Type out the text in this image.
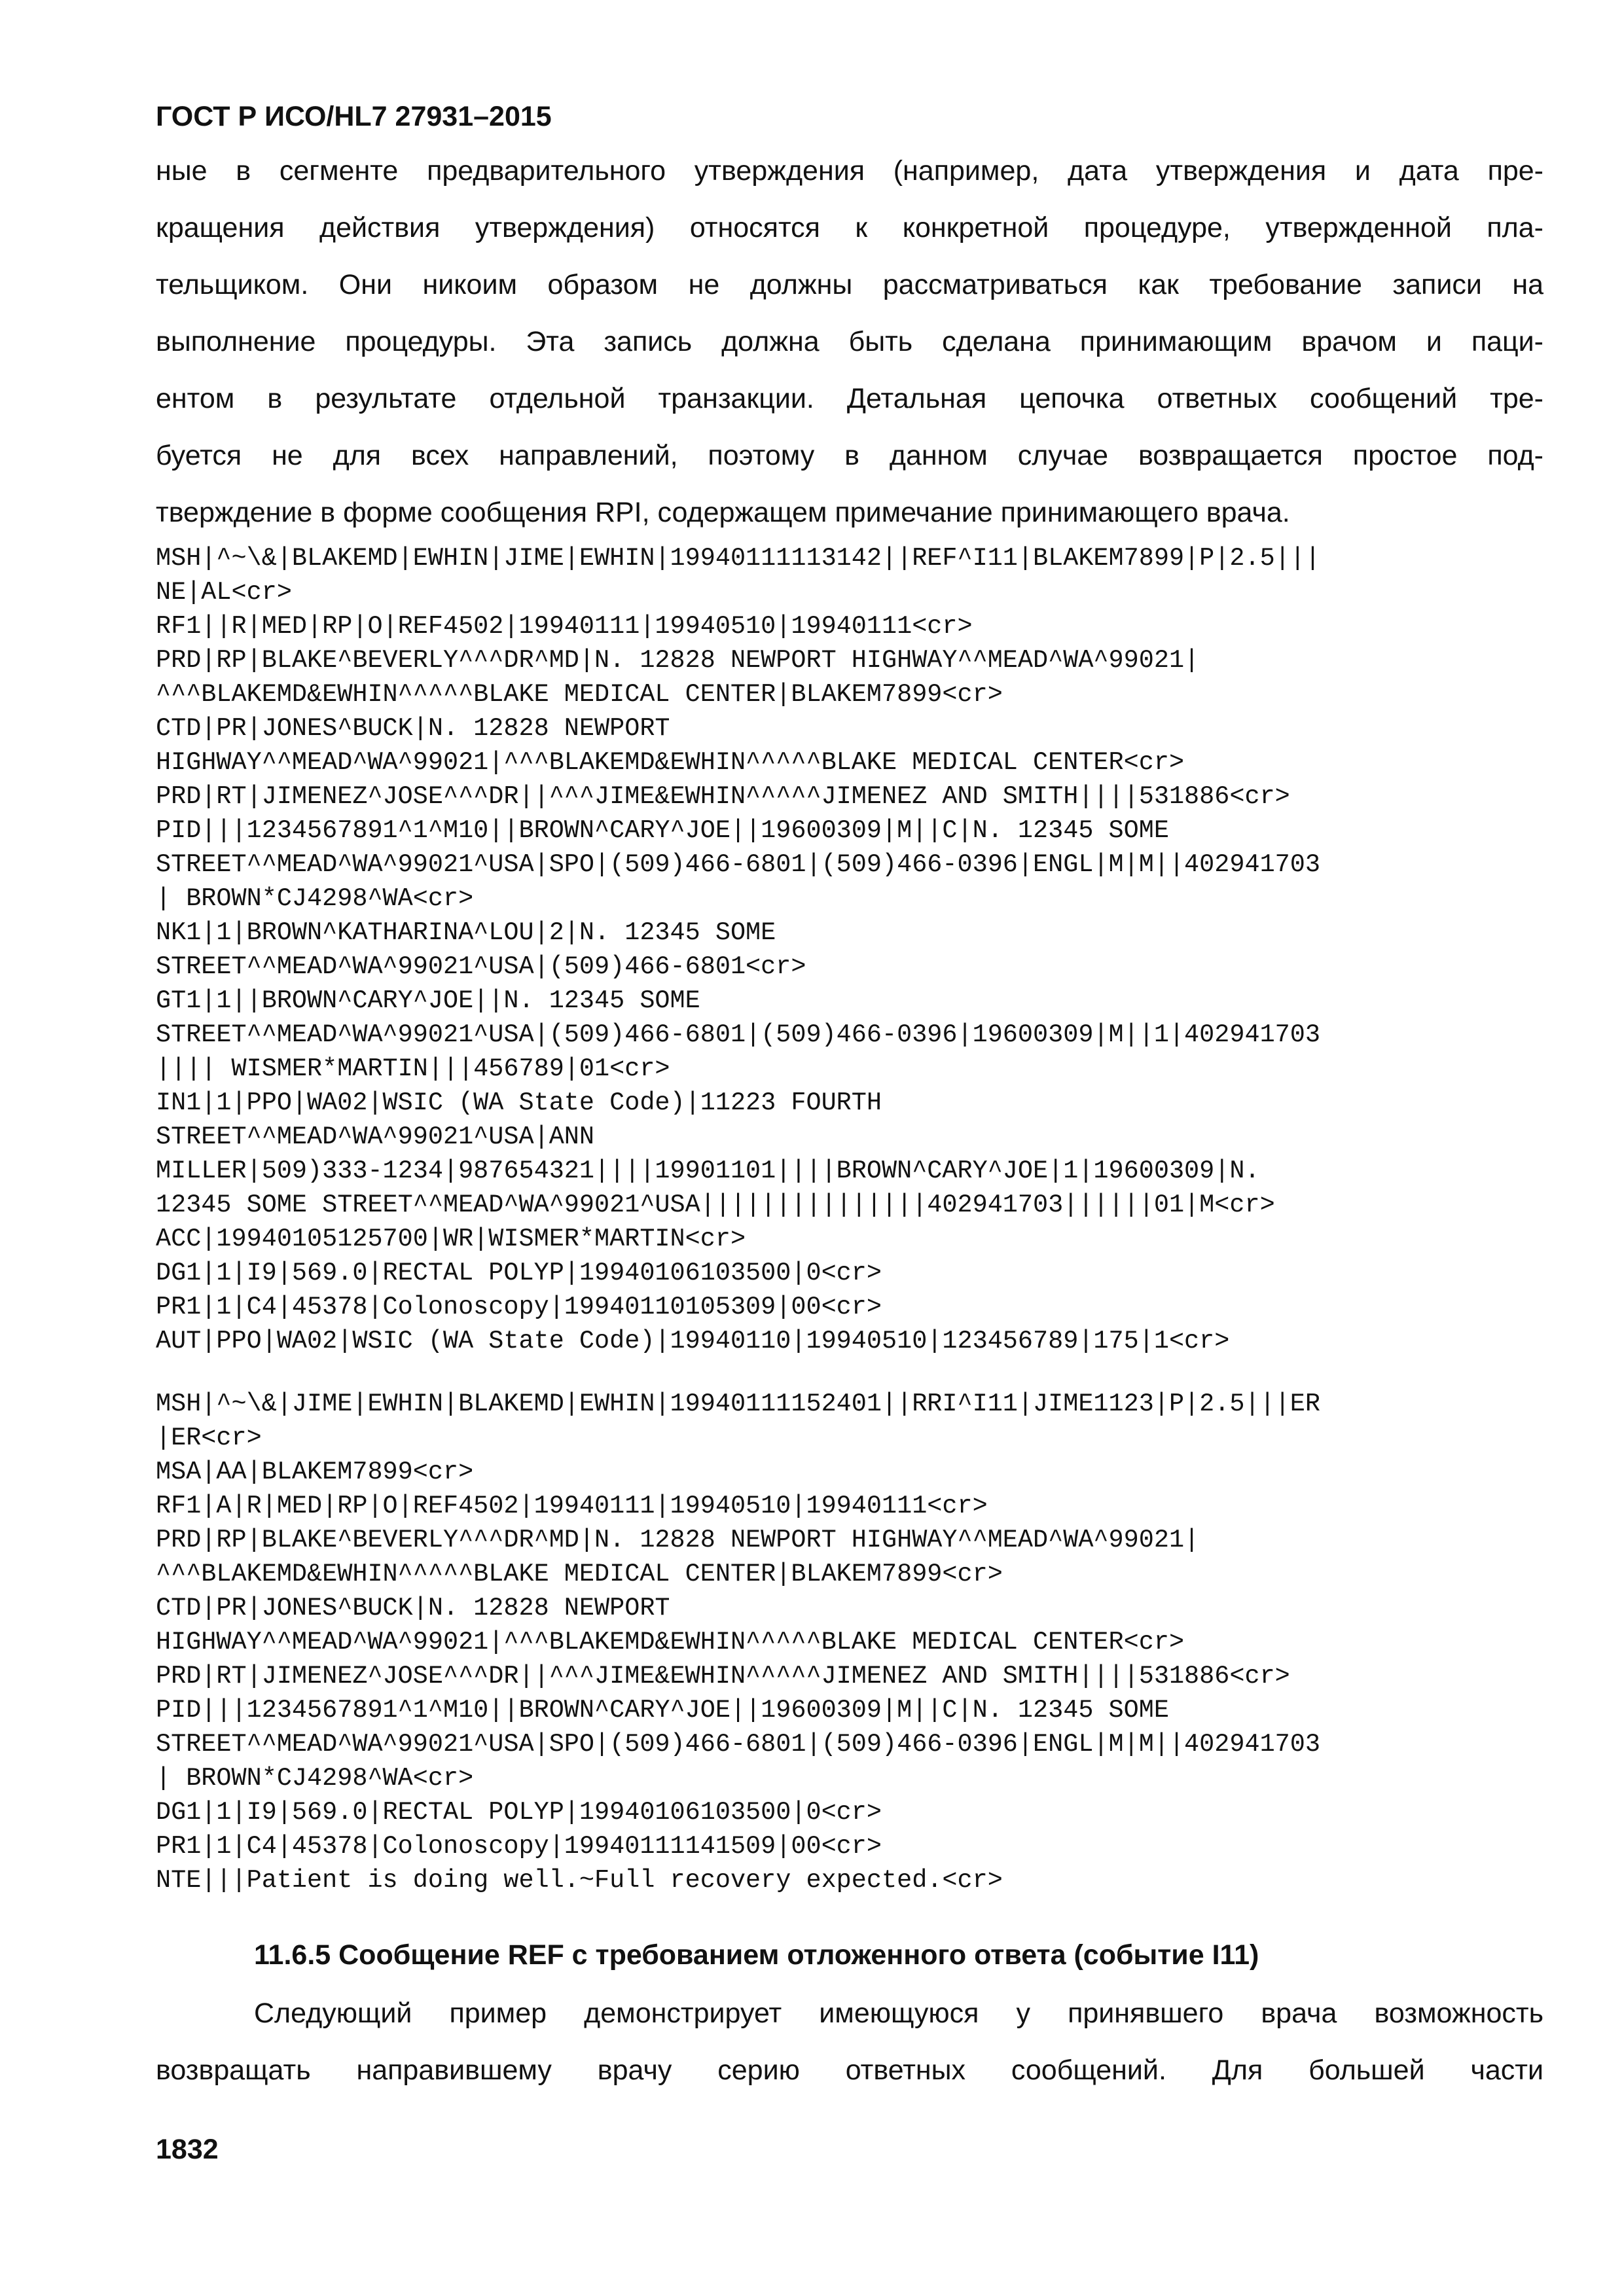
ГОСТ Р ИСО/HL7 27931–2015

ные в сегменте предварительного утверждения (например, дата утверждения и дата пре-

кращения действия утверждения) относятся к конкретной процедуре, утвержденной пла-

тельщиком. Они никоим образом не должны рассматриваться как требование записи на

выполнение процедуры. Эта запись должна быть сделана принимающим врачом и паци-

ентом в результате отдельной транзакции. Детальная цепочка ответных сообщений тре-

буется не для всех направлений, поэтому в данном случае возвращается простое под-

тверждение в форме сообщения RPI, содержащем примечание принимающего врача.

MSH|^~\&|BLAKEMD|EWHIN|JIME|EWHIN|19940111113142||REF^I11|BLAKEM7899|P|2.5|||
NE|AL<cr>
RF1||R|MED|RP|O|REF4502|19940111|19940510|19940111<cr>
PRD|RP|BLAKE^BEVERLY^^^DR^MD|N. 12828 NEWPORT HIGHWAY^^MEAD^WA^99021|
^^^BLAKEMD&EWHIN^^^^^BLAKE MEDICAL CENTER|BLAKEM7899<cr>
CTD|PR|JONES^BUCK|N. 12828 NEWPORT
HIGHWAY^^MEAD^WA^99021|^^^BLAKEMD&EWHIN^^^^^BLAKE MEDICAL CENTER<cr>
PRD|RT|JIMENEZ^JOSE^^^DR||^^^JIME&EWHIN^^^^^JIMENEZ AND SMITH||||531886<cr>
PID|||1234567891^1^M10||BROWN^CARY^JOE||19600309|M||C|N. 12345 SOME
STREET^^MEAD^WA^99021^USA|SPO|(509)466-6801|(509)466-0396|ENGL|M|M||402941703
| BROWN*CJ4298^WA<cr>
NK1|1|BROWN^KATHARINA^LOU|2|N. 12345 SOME
STREET^^MEAD^WA^99021^USA|(509)466-6801<cr>
GT1|1||BROWN^CARY^JOE||N. 12345 SOME
STREET^^MEAD^WA^99021^USA|(509)466-6801|(509)466-0396|19600309|M||1|402941703
|||| WISMER*MARTIN|||456789|01<cr>
IN1|1|PPO|WA02|WSIC (WA State Code)|11223 FOURTH
STREET^^MEAD^WA^99021^USA|ANN
MILLER|509)333-1234|987654321||||19901101||||BROWN^CARY^JOE|1|19600309|N.
12345 SOME STREET^^MEAD^WA^99021^USA|||||||||||||||402941703||||||01|M<cr>
ACC|19940105125700|WR|WISMER*MARTIN<cr>
DG1|1|I9|569.0|RECTAL POLYP|19940106103500|0<cr>
PR1|1|C4|45378|Colonoscopy|19940110105309|00<cr>
AUT|PPO|WA02|WSIC (WA State Code)|19940110|19940510|123456789|175|1<cr>
MSH|^~\&|JIME|EWHIN|BLAKEMD|EWHIN|19940111152401||RRI^I11|JIME1123|P|2.5|||ER
|ER<cr>
MSA|AA|BLAKEM7899<cr>
RF1|A|R|MED|RP|O|REF4502|19940111|19940510|19940111<cr>
PRD|RP|BLAKE^BEVERLY^^^DR^MD|N. 12828 NEWPORT HIGHWAY^^MEAD^WA^99021|
^^^BLAKEMD&EWHIN^^^^^BLAKE MEDICAL CENTER|BLAKEM7899<cr>
CTD|PR|JONES^BUCK|N. 12828 NEWPORT
HIGHWAY^^MEAD^WA^99021|^^^BLAKEMD&EWHIN^^^^^BLAKE MEDICAL CENTER<cr>
PRD|RT|JIMENEZ^JOSE^^^DR||^^^JIME&EWHIN^^^^^JIMENEZ AND SMITH||||531886<cr>
PID|||1234567891^1^M10||BROWN^CARY^JOE||19600309|M||C|N. 12345 SOME
STREET^^MEAD^WA^99021^USA|SPO|(509)466-6801|(509)466-0396|ENGL|M|M||402941703
| BROWN*CJ4298^WA<cr>
DG1|1|I9|569.0|RECTAL POLYP|19940106103500|0<cr>
PR1|1|C4|45378|Colonoscopy|19940111141509|00<cr>
NTE|||Patient is doing well.~Full recovery expected.<cr>
11.6.5 Сообщение REF с требованием отложенного ответа (событие I11)

Следующий пример демонстрирует имеющуюся у принявшего врача возможность

возвращать направившему врачу серию ответных сообщений. Для большей части

1832
